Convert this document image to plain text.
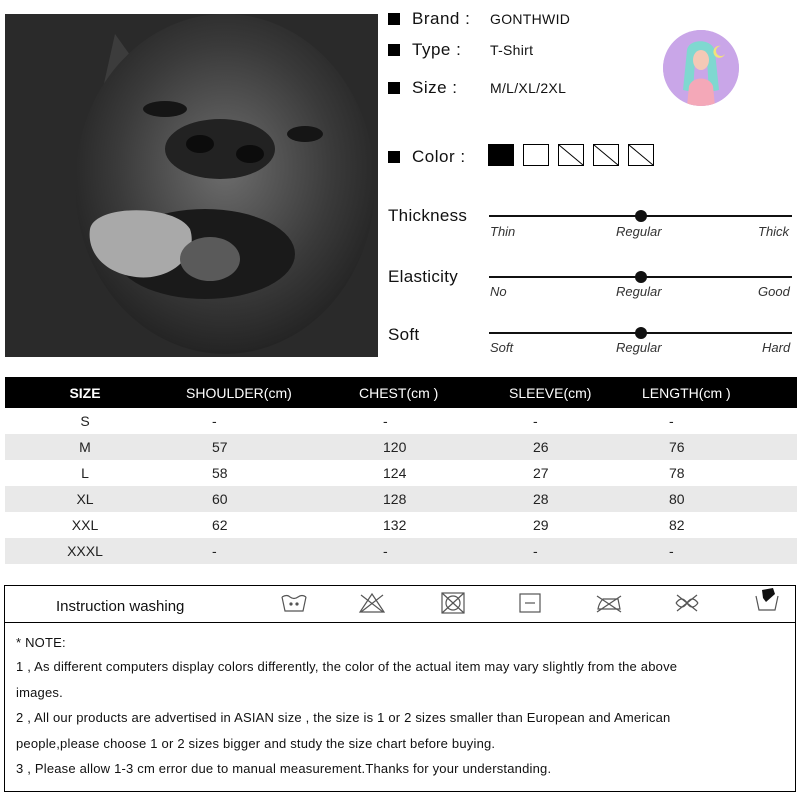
Brand : GONTHWID
Type : T-Shirt
Size : M/L/XL/2XL
Color :
Thickness
Thin	Regular	Thick
Elasticity
No	Regular	Good
Soft
Soft	Regular	Hard
SIZE	SHOULDER(cm)	CHEST(cm )	SLEEVE(cm)	LENGTH(cm )
S	-	-	-	-
M	57	120	26	76
L	58	124	27	78
XL	60	128	28	80
XXL	62	132	29	82
XXXL	-	-	-	-
Instruction washing
* NOTE:
1 , As different computers display colors differently, the color of the actual item may vary slightly from the above
images.
2 , All our products are advertised in ASIAN size , the size is 1 or 2 sizes smaller than European and American
people,please choose 1 or 2 sizes bigger and study the size chart before buying.
3 , Please allow 1-3 cm error due to manual measurement.Thanks for your understanding.
